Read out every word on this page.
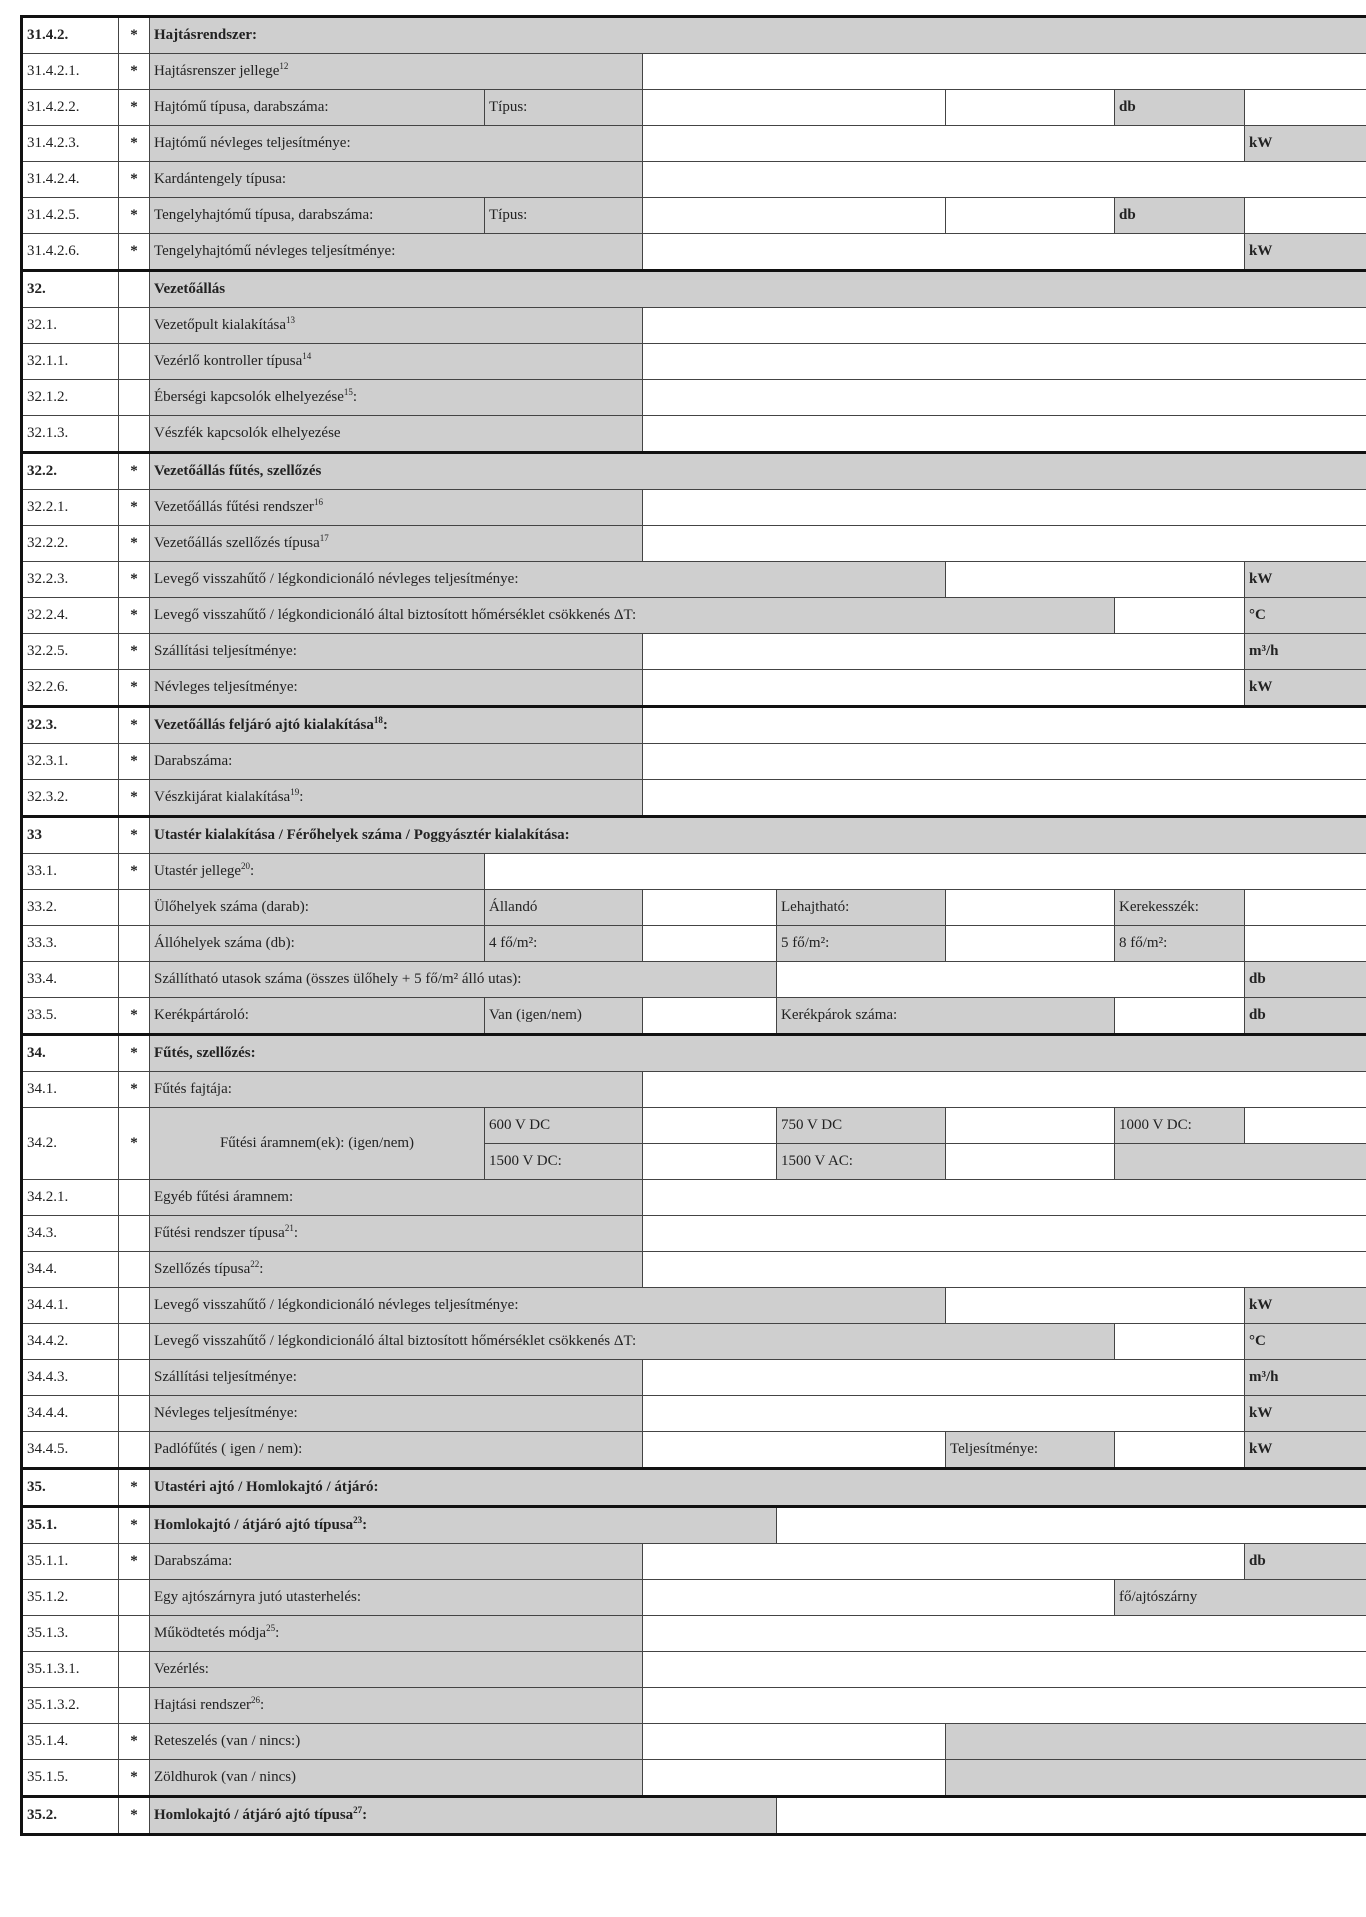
31.4.2.	*	Hajtásrendszer:						
31.4.2.1.	*	Hajtásrenszer jellege$^{12}$	
31.4.2.2.	*	Hajtómű típusa, darabszáma:	Típus:				db	
31.4.2.3.	*	Hajtómű névleges teljesítménye:						kW
31.4.2.4.	*	Kardántengely típusa:						
31.4.2.5.	*	Tengelyhajtómű típusa, darabszáma:	Típus:				db	
31.4.2.6.	*	Tengelyhajtómű névleges teljesítménye:						kW
32.		Vezetőállás						
32.1.		Vezetőpult kialakítása$^{13}$	
32.1.1.		Vezérlő kontroller típusa$^{14}$	
32.1.2.		Éberségi kapcsolók elhelyezése$^{15}$:						
32.1.3.		Vészfék kapcsolók elhelyezése						
32.2.	*	Vezetőállás fűtés, szellőzés						
32.2.1.	*	Vezetőállás fűtési rendszer$^{16}$	
32.2.2.	*	Vezetőállás szellőzés típusa$^{17}$	
32.2.3.	*	Levegő visszahűtő / légkondicionáló névleges teljesítménye:						kW
32.2.4.	*	Levegő visszahűtő / légkondicionáló által biztosított hőmérséklet csökkenés ΔT:						°C
32.2.5.	*	Szállítási teljesítménye:						m³/h
32.2.6.	*	Névleges teljesítménye:						kW
32.3.	*	Vezetőállás feljáró ajtó kialakítása$^{18}$:						
32.3.1.	*	Darabszáma:						
32.3.2.	*	Vészkijárat kialakítása$^{19}$:						
33	*	Utastér kialakítása / Férőhelyek száma / Poggyásztér kialakítása:						
33.1.	*	Utastér jellege$^{20}$:						
33.2.		Ülőhelyek száma (darab):	Állandó		Lehajtható:		Kerekesszék:	
33.3.		Állóhelyek száma (db):	4 fő/m²:		5 fő/m²:		8 fő/m²:	
33.4.		Szállítható utasok száma (összes ülőhely + 5 fő/m² álló utas):						db
33.5.	*	Kerékpártároló:	Van (igen/nem)		Kerékpárok száma:			db
34.	*	Fűtés, szellőzés:						
34.1.	*	Fűtés fajtája:						
34.2.	*	Fűtési áramnem(ek): (igen/nem)	600 V DC		750 V DC		1000 V DC:	
			1500 V DC:		1500 V AC:			
34.2.1.		Egyéb fűtési áramnem:						
34.3.		Fűtési rendszer típusa$^{21}$:						
34.4.		Szellőzés típusa$^{22}$:						
34.4.1.		Levegő visszahűtő / légkondicionáló névleges teljesítménye:						kW
34.4.2.		Levegő visszahűtő / légkondicionáló által biztosított hőmérséklet csökkenés ΔT:						°C
34.4.3.		Szállítási teljesítménye:						m³/h
34.4.4.		Névleges teljesítménye:						kW
34.4.5.		Padlófűtés ( igen / nem):				Teljesítménye:		kW
35.	*	Utastéri ajtó / Homlokajtó / átjáró:						
35.1.	*	Homlokajtó / átjáró ajtó típusa$^{23}$:						
35.1.1.	*	Darabszáma:						db
35.1.2.		Egy ajtószárnyra jutó utasterhelés:					fő/ajtószárny	
35.1.3.		Működtetés módja$^{25}$:						
35.1.3.1.		Vezérlés:						
35.1.3.2.		Hajtási rendszer$^{26}$:						
35.1.4.	*	Reteszelés (van / nincs:)						
35.1.5.	*	Zöldhurok (van / nincs)						
35.2.	*	Homlokajtó / átjáró ajtó típusa$^{27}$:						
